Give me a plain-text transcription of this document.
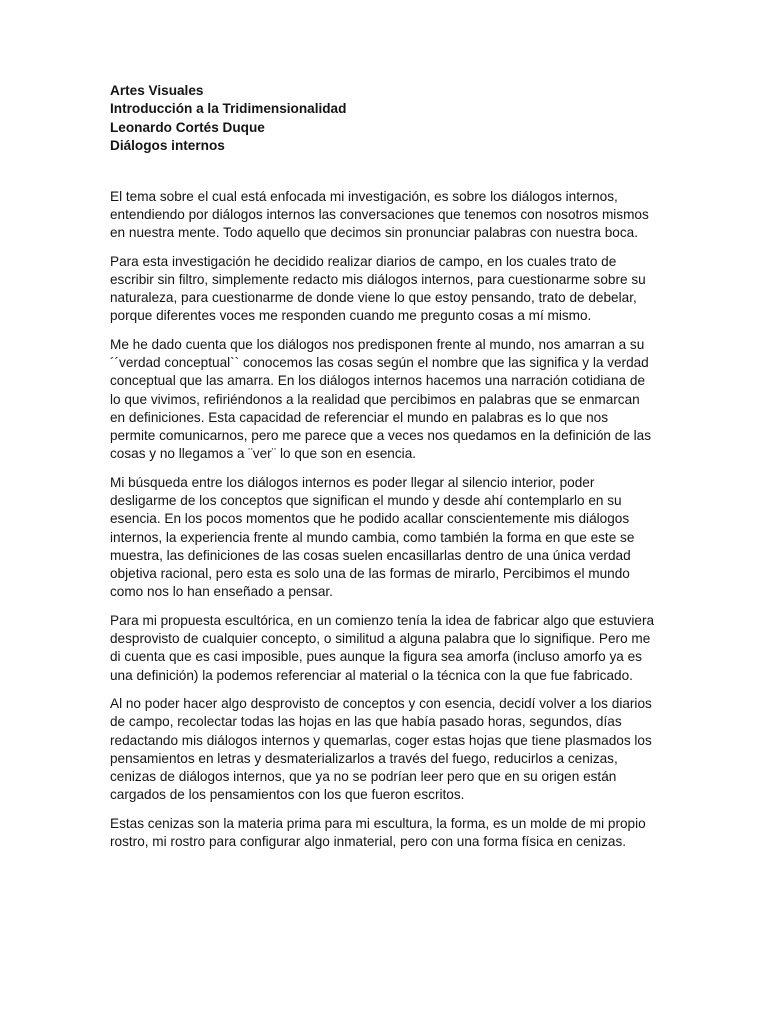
Artes Visuales

Introducción a la Tridimensionalidad

Leonardo Cortés Duque

Diálogos internos

El tema sobre el cual está enfocada mi investigación, es sobre los diálogos internos, entendiendo por diálogos internos las conversaciones que tenemos con nosotros mismos en nuestra mente. Todo aquello que decimos sin pronunciar palabras con nuestra boca.

Para esta investigación he decidido realizar diarios de campo, en los cuales trato de escribir sin filtro, simplemente redacto mis diálogos internos, para cuestionarme sobre su naturaleza, para cuestionarme de donde viene lo que estoy pensando, trato de debelar, porque diferentes voces me responden cuando me pregunto cosas a mí mismo.

Me he dado cuenta que los diálogos nos predisponen frente al mundo, nos amarran a su ´´verdad conceptual`` conocemos las cosas según el nombre que las significa y la verdad conceptual que las amarra. En los diálogos internos hacemos una narración cotidiana de lo que vivimos, refiriéndonos a la realidad que percibimos en palabras que se enmarcan en definiciones. Esta capacidad de referenciar el mundo en palabras es lo que nos permite comunicarnos, pero me parece que a veces nos quedamos en la definición de las cosas y no llegamos a ¨ver¨ lo que son en esencia.

Mi búsqueda entre los diálogos internos es poder llegar al silencio interior, poder desligarme de los conceptos que significan el mundo y desde ahí contemplarlo en su esencia. En los pocos momentos que he podido acallar conscientemente mis diálogos internos, la experiencia frente al mundo cambia, como también la forma en que este se muestra, las definiciones de las cosas suelen encasillarlas dentro de una única verdad objetiva racional, pero esta es solo una de las formas de mirarlo, Percibimos el mundo como nos lo han enseñado a pensar.

Para mi propuesta escultórica, en un comienzo tenía la idea de fabricar algo que estuviera desprovisto de cualquier concepto, o similitud a alguna palabra que lo signifique. Pero me di cuenta que es casi imposible, pues aunque la figura sea amorfa (incluso amorfo ya es una definición) la podemos referenciar al material o la técnica con la que fue fabricado.

Al no poder hacer algo desprovisto de conceptos y con esencia, decidí volver a los diarios de campo, recolectar todas las hojas en las que había pasado horas, segundos, días redactando mis diálogos internos y quemarlas, coger estas hojas que tiene plasmados los pensamientos en letras y desmaterializarlos a través del fuego, reducirlos a cenizas, cenizas de diálogos internos, que ya no se podrían leer pero que en su origen están cargados de los pensamientos con los que fueron escritos.

Estas cenizas son la materia prima para mi escultura, la forma, es un molde de mi propio rostro, mi rostro para configurar algo inmaterial, pero con una forma física en cenizas.
